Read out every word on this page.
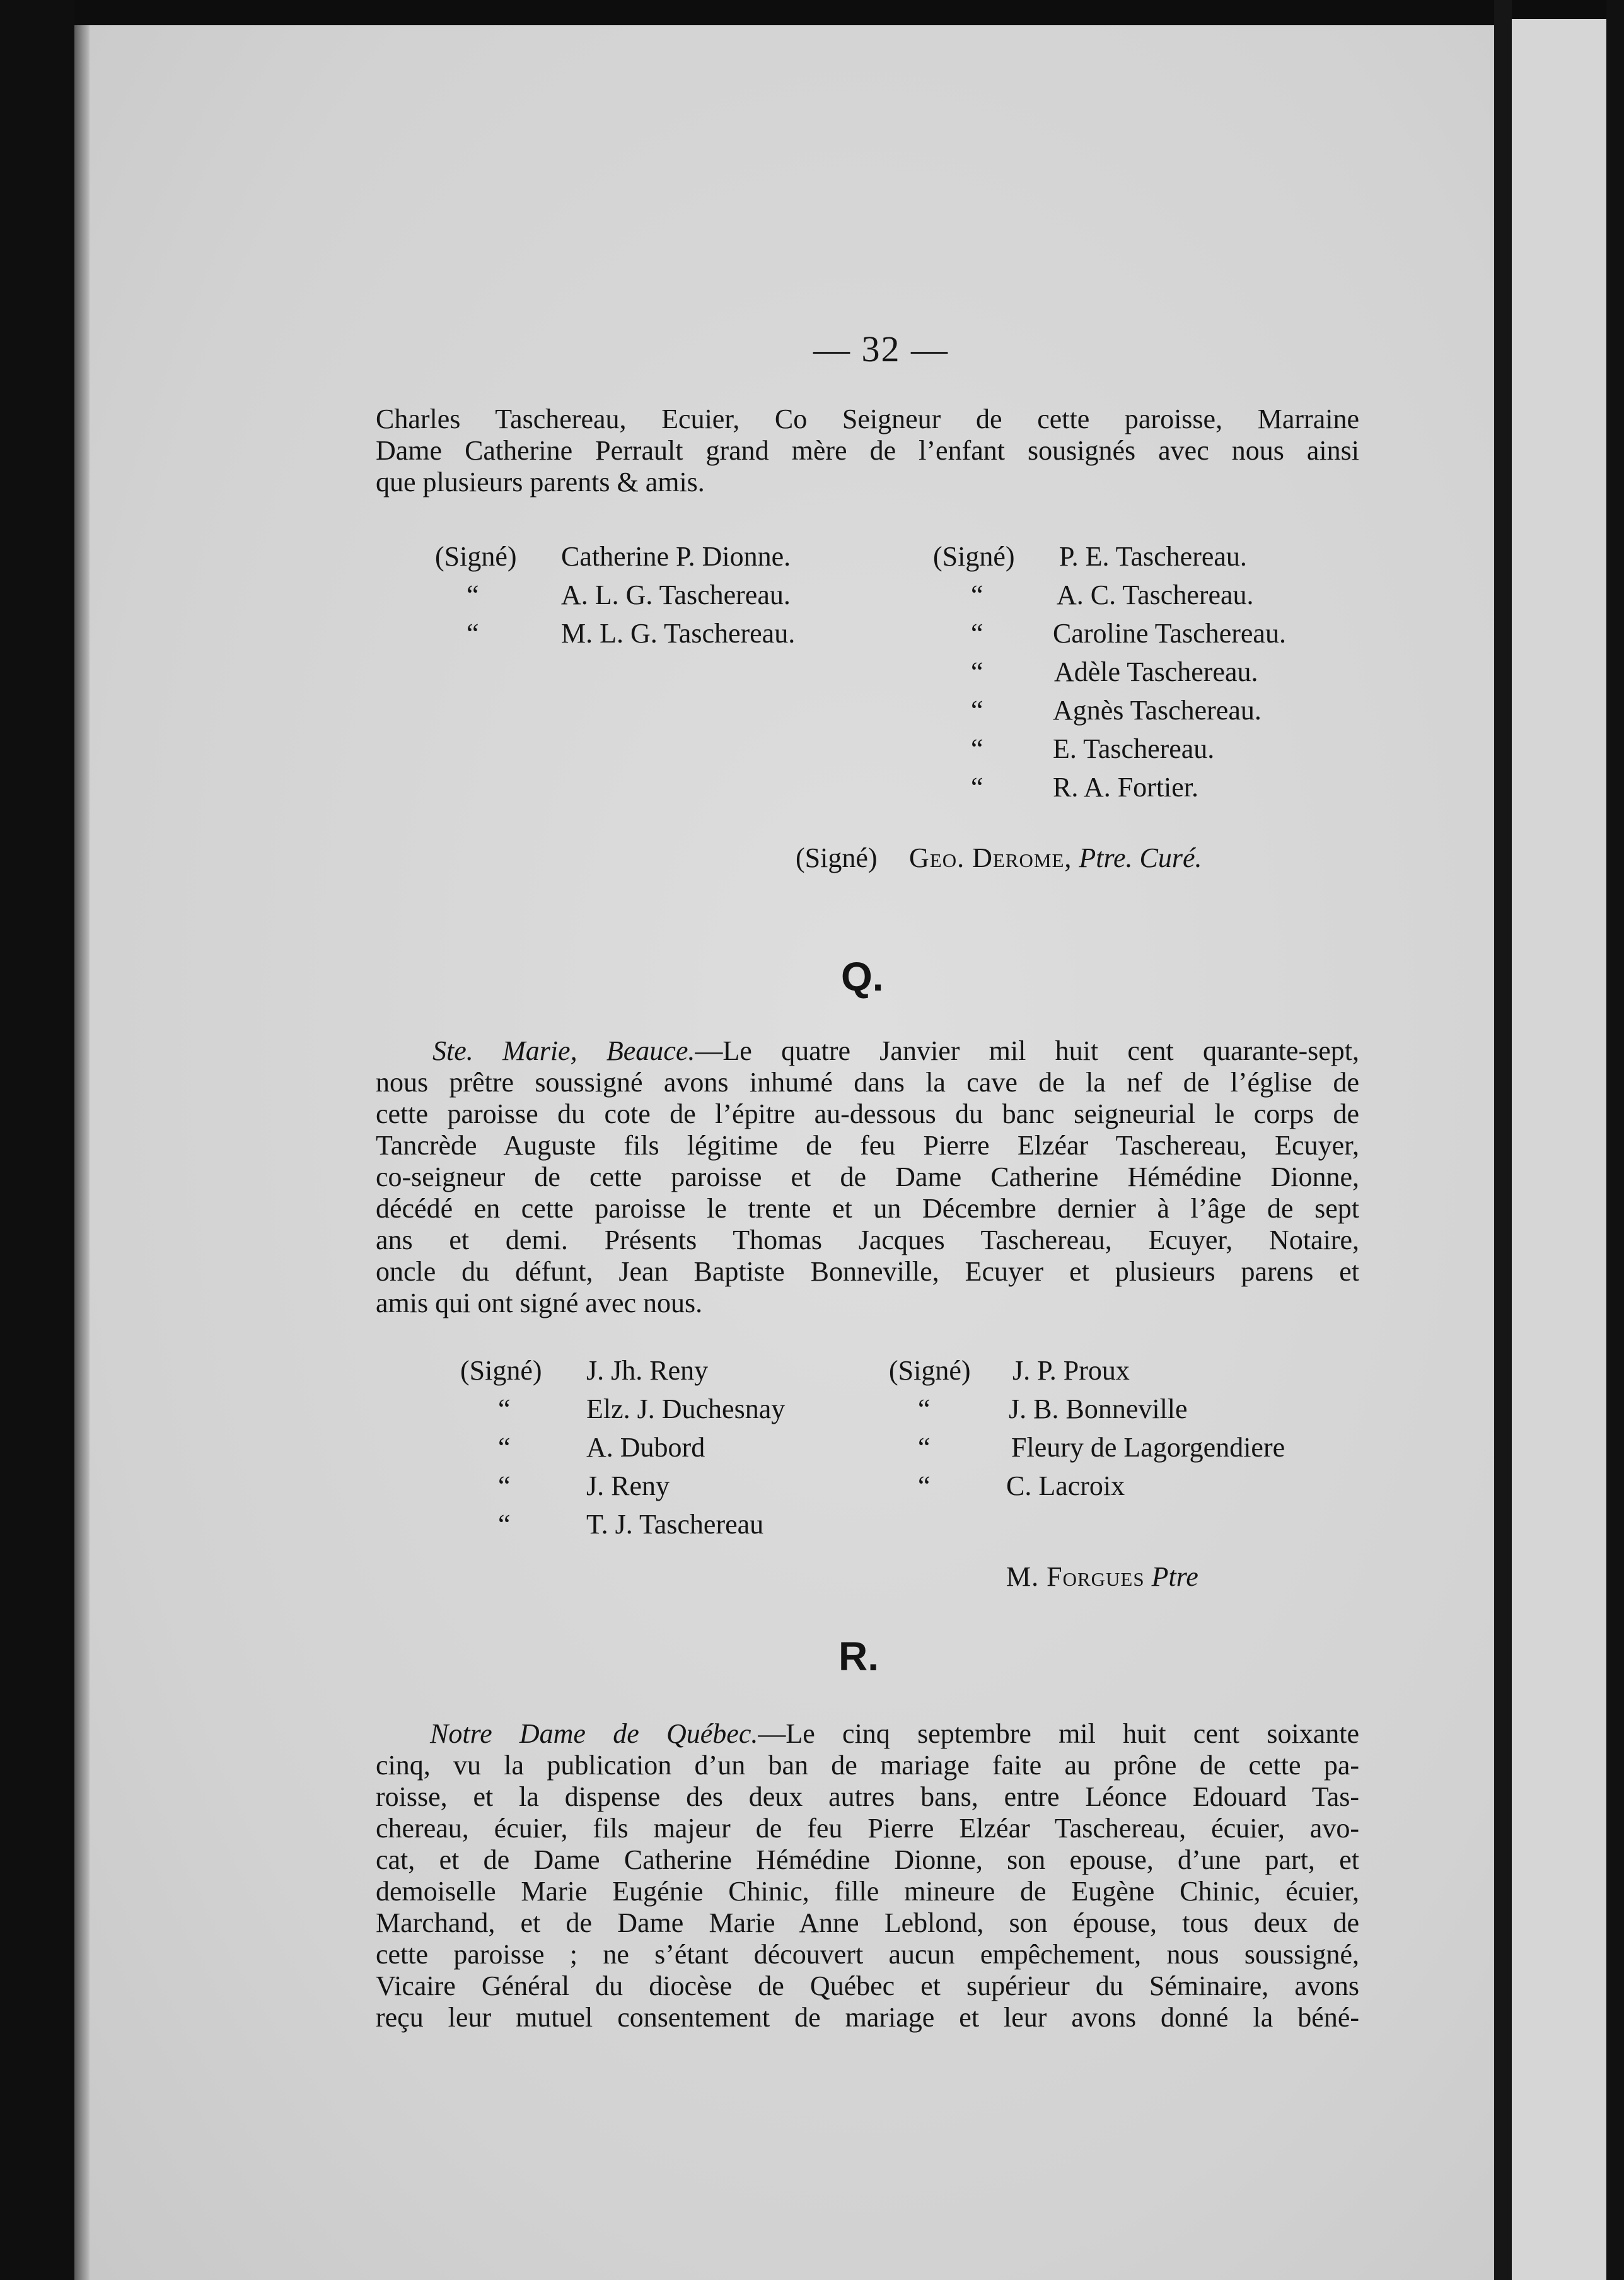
— 32 —

Charles Taschereau, Ecuier, Co Seigneur de cette paroisse, Marraine
Dame Catherine Perrault grand mère de l’enfant sousignés avec nous ainsi
que plusieurs parents & amis.

(Signé) Catherine P. Dionne.
“	A. L. G. Taschereau.
“	M. L. G. Taschereau.
(Signé) P. E. Taschereau.
“	A. C. Taschereau.
“	Caroline Taschereau.
“	Adèle Taschereau.
“	Agnès Taschereau.
“	E. Taschereau.
“	R. A. Fortier.
(Signé) Geo. Derome, Ptre. Curé.
Q.

Ste. Marie, Beauce.—Le quatre Janvier mil huit cent quarante-sept,
nous prêtre soussigné avons inhumé dans la cave de la nef de l’église de
cette paroisse du cote de l’épitre au-dessous du banc seigneurial le corps de
Tancrède Auguste fils légitime de feu Pierre Elzéar Taschereau, Ecuyer,
co-seigneur de cette paroisse et de Dame Catherine Hémédine Dionne,
décédé en cette paroisse le trente et un Décembre dernier à l’âge de sept
ans et demi. Présents Thomas Jacques Taschereau, Ecuyer, Notaire,
oncle du défunt, Jean Baptiste Bonneville, Ecuyer et plusieurs parens et
amis qui ont signé avec nous.

(Signé) J. Jh. Reny
“	Elz. J. Duchesnay
“	A. Dubord
“	J. Reny
“	T. J. Taschereau
(Signé) J. P. Proux
“	J. B. Bonneville
“	Fleury de Lagorgendiere
“	C. Lacroix
M. Forgues Ptre
R.

Notre Dame de Québec.—Le cinq septembre mil huit cent soixante
cinq, vu la publication d’un ban de mariage faite au prône de cette pa-
roisse, et la dispense des deux autres bans, entre Léonce Edouard Tas-
chereau, écuier, fils majeur de feu Pierre Elzéar Taschereau, écuier, avo-
cat, et de Dame Catherine Hémédine Dionne, son epouse, d’une part, et
demoiselle Marie Eugénie Chinic, fille mineure de Eugène Chinic, écuier,
Marchand, et de Dame Marie Anne Leblond, son épouse, tous deux de
cette paroisse ; ne s’étant découvert aucun empêchement, nous soussigné,
Vicaire Général du diocèse de Québec et supérieur du Séminaire, avons
reçu leur mutuel consentement de mariage et leur avons donné la béné-
